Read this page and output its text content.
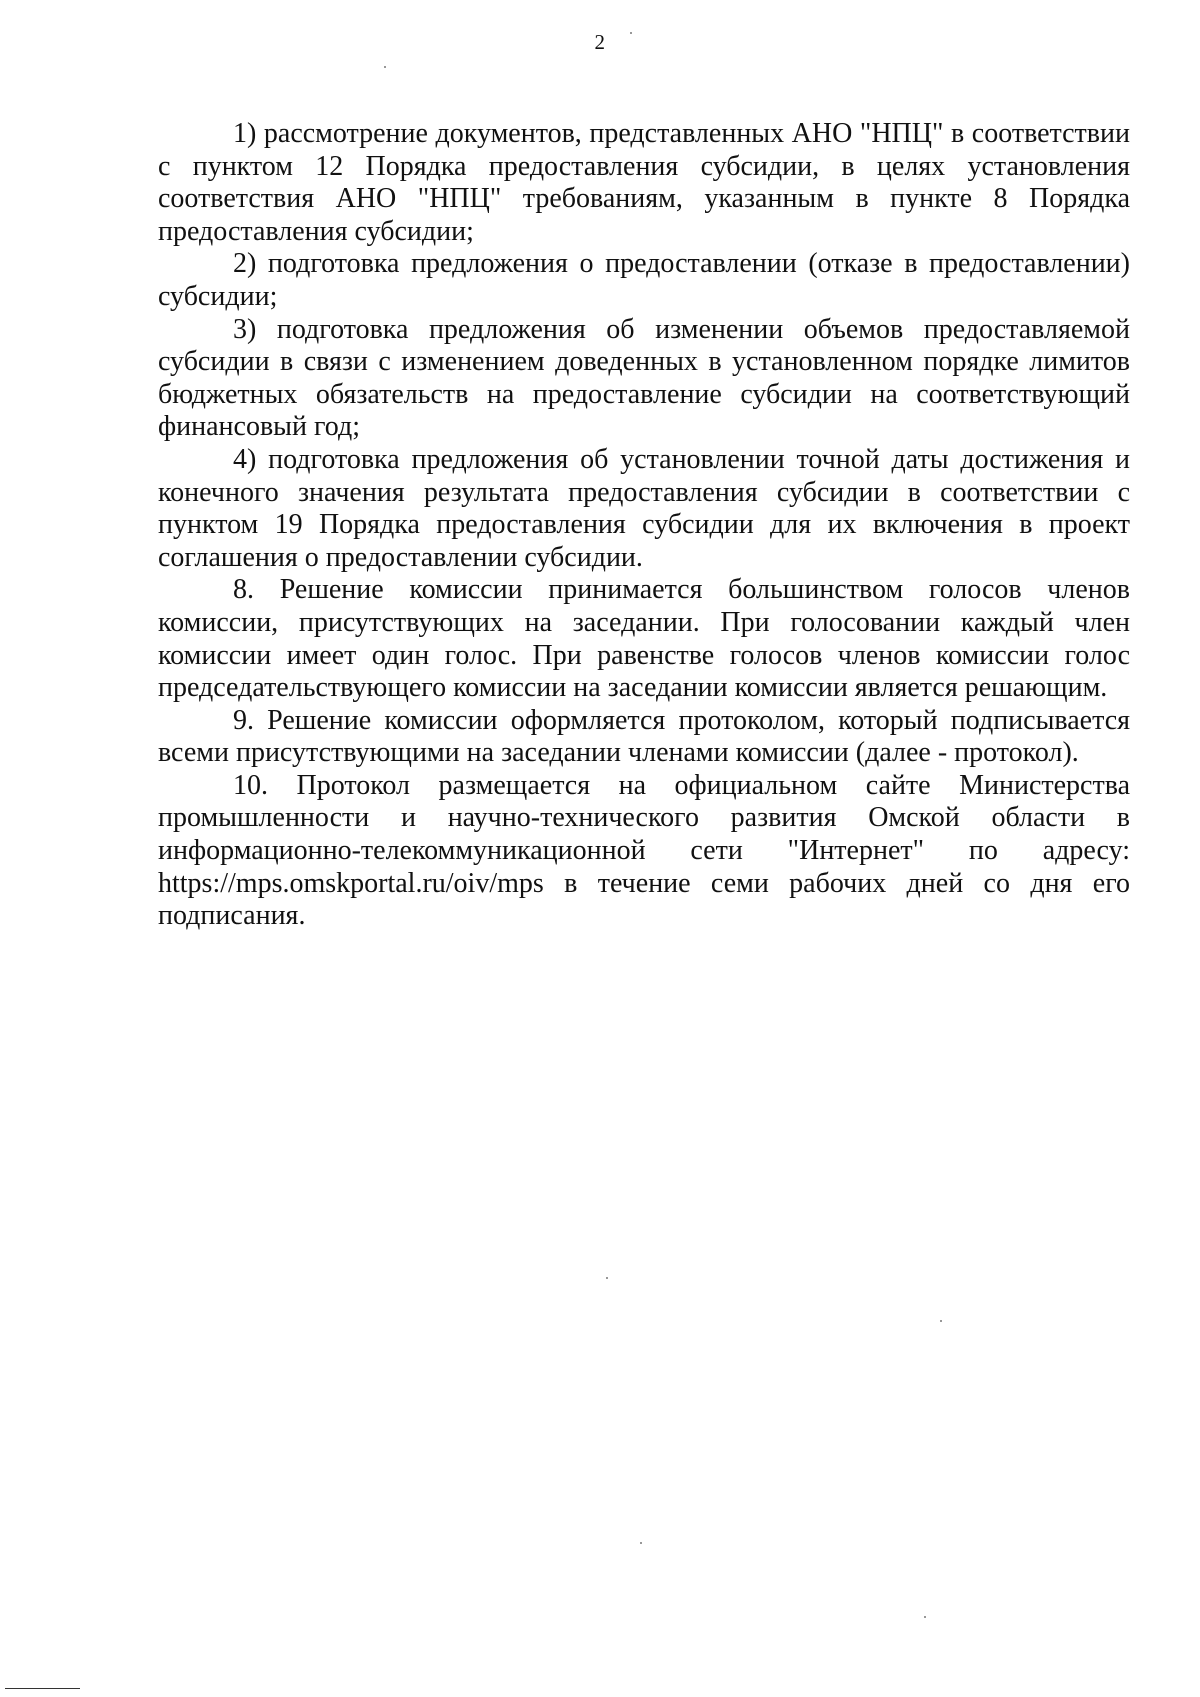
2

1) рассмотрение документов, представленных АНО "НПЦ" в соответствии с пунктом 12 Порядка предоставления субсидии, в целях установления соответствия АНО "НПЦ" требованиям, указанным в пункте 8 Порядка предоставления субсидии;

2) подготовка предложения о предоставлении (отказе в предоставлении) субсидии;

3) подготовка предложения об изменении объемов предоставляемой субсидии в связи с изменением доведенных в установленном порядке лимитов бюджетных обязательств на предоставление субсидии на соответствующий финансовый год;

4) подготовка предложения об установлении точной даты достижения и конечного значения результата предоставления субсидии в соответствии с пунктом 19 Порядка предоставления субсидии для их включения в проект соглашения о предоставлении субсидии.

8. Решение комиссии принимается большинством голосов членов комиссии, присутствующих на заседании. При голосовании каждый член комиссии имеет один голос. При равенстве голосов членов комиссии голос председательствующего комиссии на заседании комиссии является решающим.

9. Решение комиссии оформляется протоколом, который подписывается всеми присутствующими на заседании членами комиссии (далее - протокол).

10. Протокол размещается на официальном сайте Министерства промышленности и научно-технического развития Омской области в информационно-телекоммуникационной сети "Интернет" по адресу: https://mps.omskportal.ru/oiv/mps в течение семи рабочих дней со дня его подписания.
